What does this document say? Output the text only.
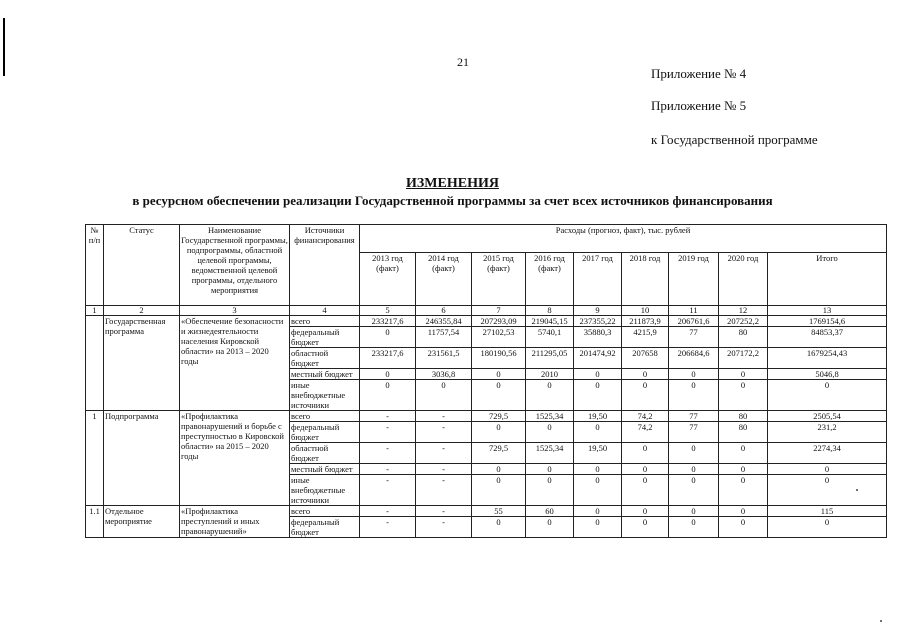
21
Приложение № 4
Приложение № 5
к Государственной программе
ИЗМЕНЕНИЯ
в ресурсном обеспечении реализации Государственной программы за счет всех источников финансирования
№ п/п	Статус	Наименование Государственной программы, подпрограммы, областной целевой программы, ведомственной целевой программы, отдельного мероприятия	Источники финансирования	Расходы (прогноз, факт), тыс. рублей								
				2013 год (факт)	2014 год (факт)	2015 год (факт)	2016 год (факт)	2017 год	2018 год	2019 год	2020 год	Итого
1	2	3	4	5	6	7	8	9	10	11	12	13
	Государственная программа	«Обеспечение безопасности и жизнедеятельности населения Кировской области» на 2013 – 2020 годы	всего	233217,6	246355,84	207293,09	219045,15	237355,22	211873,9	206761,6	207252,2	1769154,6
			федеральный бюджет	0	11757,54	27102,53	5740,1	35880,3	4215,9	77	80	84853,37
			областной бюджет	233217,6	231561,5	180190,56	211295,05	201474,92	207658	206684,6	207172,2	1679254,43
			местный бюджет	0	3036,8	0	2010	0	0	0	0	5046,8
			иные внебюджетные источники	0	0	0	0	0	0	0	0	0
1	Подпрограмма	«Профилактика правонарушений и борьбе с преступностью в Кировской области» на 2015 – 2020 годы	всего	-	-	729,5	1525,34	19,50	74,2	77	80	2505,54
			федеральный бюджет	-	-	0	0	0	74,2	77	80	231,2
			областной бюджет	-	-	729,5	1525,34	19,50	0	0	0	2274,34
			местный бюджет	-	-	0	0	0	0	0	0	0
			иные внебюджетные источники	-	-	0	0	0	0	0	0	0
1.1	Отдельное мероприятие	«Профилактика преступлений и иных правонарушений»	всего	-	-	55	60	0	0	0	0	115
			федеральный бюджет	-	-	0	0	0	0	0	0	0
